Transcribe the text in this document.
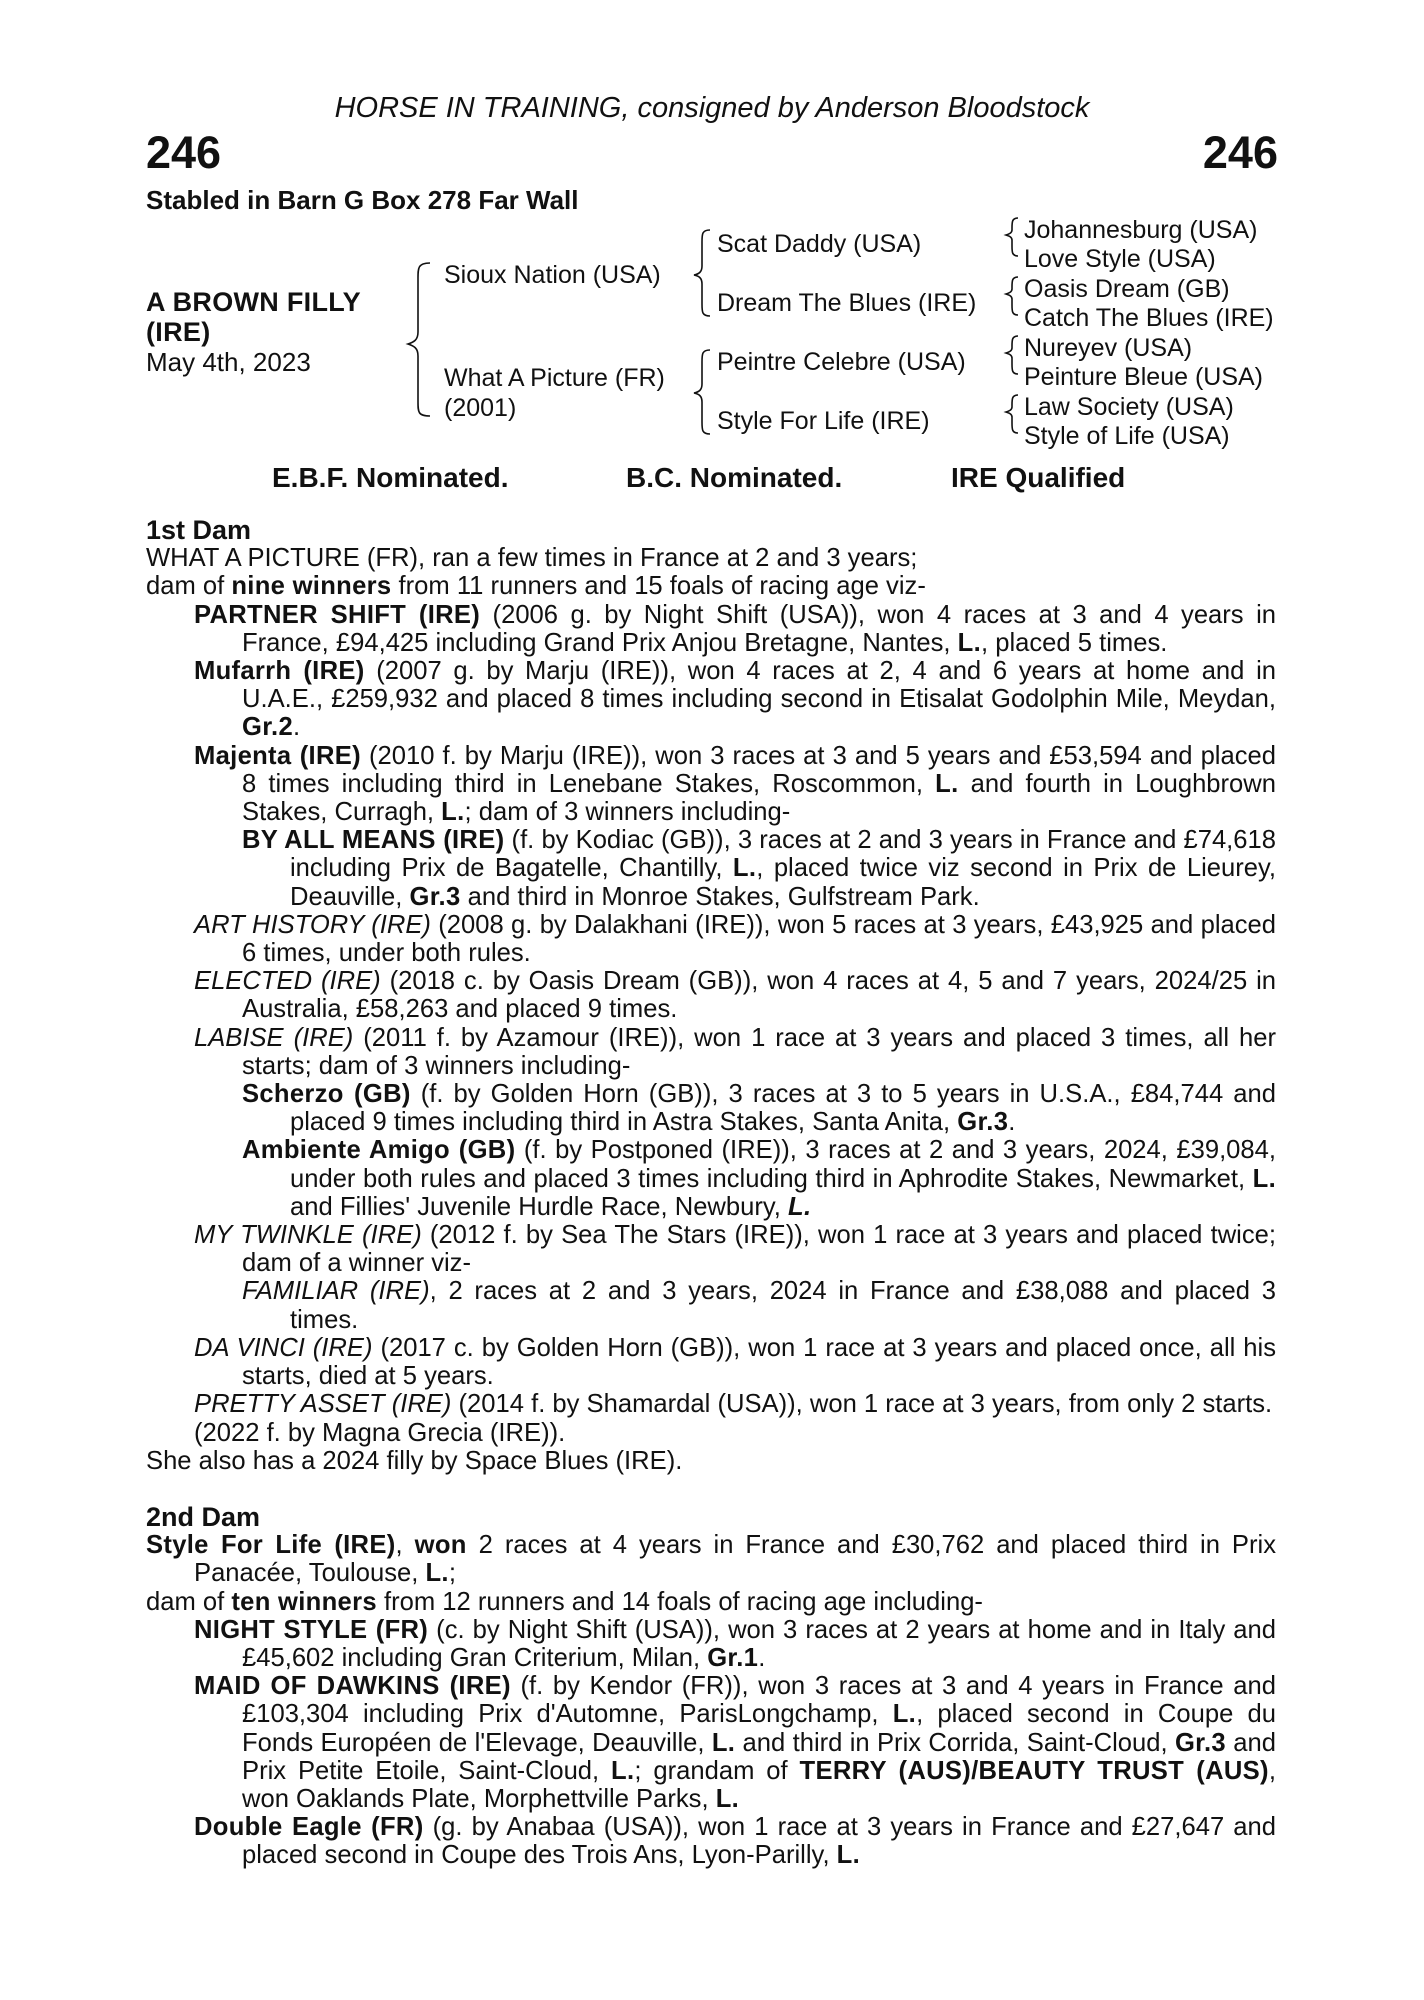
HORSE IN TRAINING, consigned by Anderson Bloodstock
246	246
Stabled in Barn G Box 278 Far Wall
A BROWN FILLY
(IRE)
May 4th, 2023
Sioux Nation (USA)
What A Picture (FR)
(2001)
Scat Daddy (USA)
Dream The Blues (IRE)
Peintre Celebre (USA)
Style For Life (IRE)
Johannesburg (USA)
Love Style (USA)
Oasis Dream (GB)
Catch The Blues (IRE)
Nureyev (USA)
Peinture Bleue (USA)
Law Society (USA)
Style of Life (USA)
E.B.F. Nominated.	B.C. Nominated.	IRE Qualified
1st Dam
WHAT A PICTURE (FR), ran a few times in France at 2 and 3 years;
dam of nine winners from 11 runners and 15 foals of racing age viz-
PARTNER SHIFT (IRE) (2006 g. by Night Shift (USA)), won 4 races at 3 and 4 years in France, £94,425 including Grand Prix Anjou Bretagne, Nantes, L., placed 5 times.
Mufarrh (IRE) (2007 g. by Marju (IRE)), won 4 races at 2, 4 and 6 years at home and in U.A.E., £259,932 and placed 8 times including second in Etisalat Godolphin Mile, Meydan, Gr.2.
Majenta (IRE) (2010 f. by Marju (IRE)), won 3 races at 3 and 5 years and £53,594 and placed 8 times including third in Lenebane Stakes, Roscommon, L. and fourth in Loughbrown Stakes, Curragh, L.; dam of 3 winners including-
BY ALL MEANS (IRE) (f. by Kodiac (GB)), 3 races at 2 and 3 years in France and £74,618 including Prix de Bagatelle, Chantilly, L., placed twice viz second in Prix de Lieurey, Deauville, Gr.3 and third in Monroe Stakes, Gulfstream Park.
ART HISTORY (IRE) (2008 g. by Dalakhani (IRE)), won 5 races at 3 years, £43,925 and placed 6 times, under both rules.
ELECTED (IRE) (2018 c. by Oasis Dream (GB)), won 4 races at 4, 5 and 7 years, 2024/25 in Australia, £58,263 and placed 9 times.
LABISE (IRE) (2011 f. by Azamour (IRE)), won 1 race at 3 years and placed 3 times, all her starts; dam of 3 winners including-
Scherzo (GB) (f. by Golden Horn (GB)), 3 races at 3 to 5 years in U.S.A., £84,744 and placed 9 times including third in Astra Stakes, Santa Anita, Gr.3.
Ambiente Amigo (GB) (f. by Postponed (IRE)), 3 races at 2 and 3 years, 2024, £39,084, under both rules and placed 3 times including third in Aphrodite Stakes, Newmarket, L. and Fillies' Juvenile Hurdle Race, Newbury, L.
MY TWINKLE (IRE) (2012 f. by Sea The Stars (IRE)), won 1 race at 3 years and placed twice; dam of a winner viz-
FAMILIAR (IRE), 2 races at 2 and 3 years, 2024 in France and £38,088 and placed 3 times.
DA VINCI (IRE) (2017 c. by Golden Horn (GB)), won 1 race at 3 years and placed once, all his starts, died at 5 years.
PRETTY ASSET (IRE) (2014 f. by Shamardal (USA)), won 1 race at 3 years, from only 2 starts.
(2022 f. by Magna Grecia (IRE)).
She also has a 2024 filly by Space Blues (IRE).
2nd Dam
Style For Life (IRE), won 2 races at 4 years in France and £30,762 and placed third in Prix Panacée, Toulouse, L.;
dam of ten winners from 12 runners and 14 foals of racing age including-
NIGHT STYLE (FR) (c. by Night Shift (USA)), won 3 races at 2 years at home and in Italy and £45,602 including Gran Criterium, Milan, Gr.1.
MAID OF DAWKINS (IRE) (f. by Kendor (FR)), won 3 races at 3 and 4 years in France and £103,304 including Prix d'Automne, ParisLongchamp, L., placed second in Coupe du Fonds Européen de l'Elevage, Deauville, L. and third in Prix Corrida, Saint-Cloud, Gr.3 and Prix Petite Etoile, Saint-Cloud, L.; grandam of TERRY (AUS)/BEAUTY TRUST (AUS), won Oaklands Plate, Morphettville Parks, L.
Double Eagle (FR) (g. by Anabaa (USA)), won 1 race at 3 years in France and £27,647 and placed second in Coupe des Trois Ans, Lyon-Parilly, L.
